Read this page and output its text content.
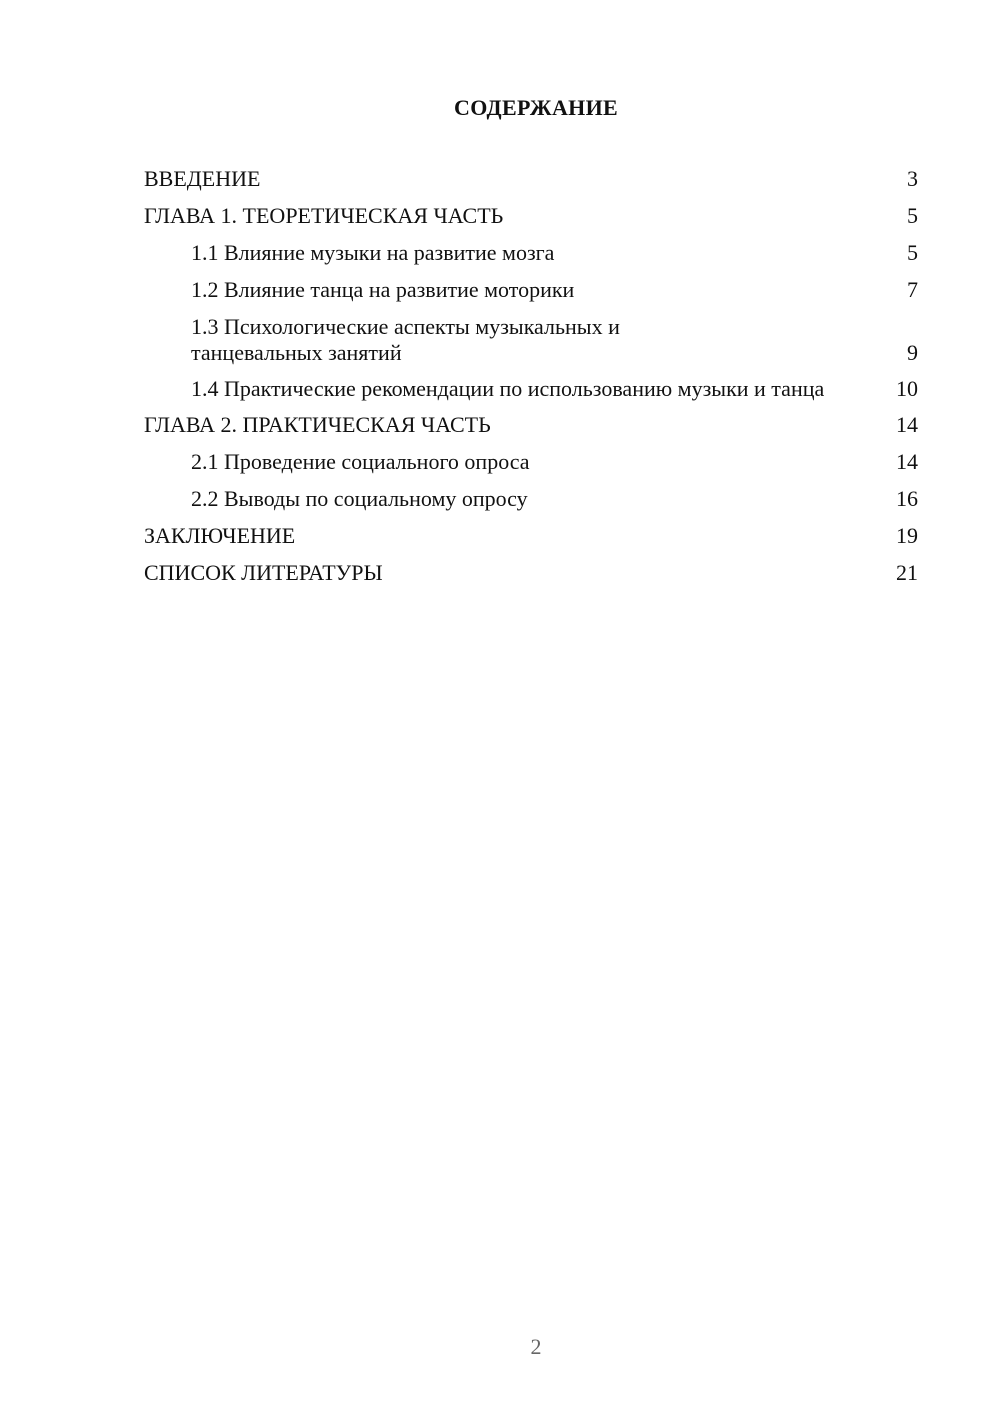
СОДЕРЖАНИЕ
ВВЕДЕНИЕ	3
ГЛАВА 1. ТЕОРЕТИЧЕСКАЯ ЧАСТЬ	5
1.1 Влияние музыки на развитие мозга	5
1.2 Влияние танца на развитие моторики	7
1.3 Психологические аспекты музыкальных и танцевальных занятий	9
1.4 Практические рекомендации по использованию музыки и танца	10
ГЛАВА 2. ПРАКТИЧЕСКАЯ ЧАСТЬ	14
2.1 Проведение социального опроса	14
2.2 Выводы по социальному опросу	16
ЗАКЛЮЧЕНИЕ	19
СПИСОК ЛИТЕРАТУРЫ	21
2
